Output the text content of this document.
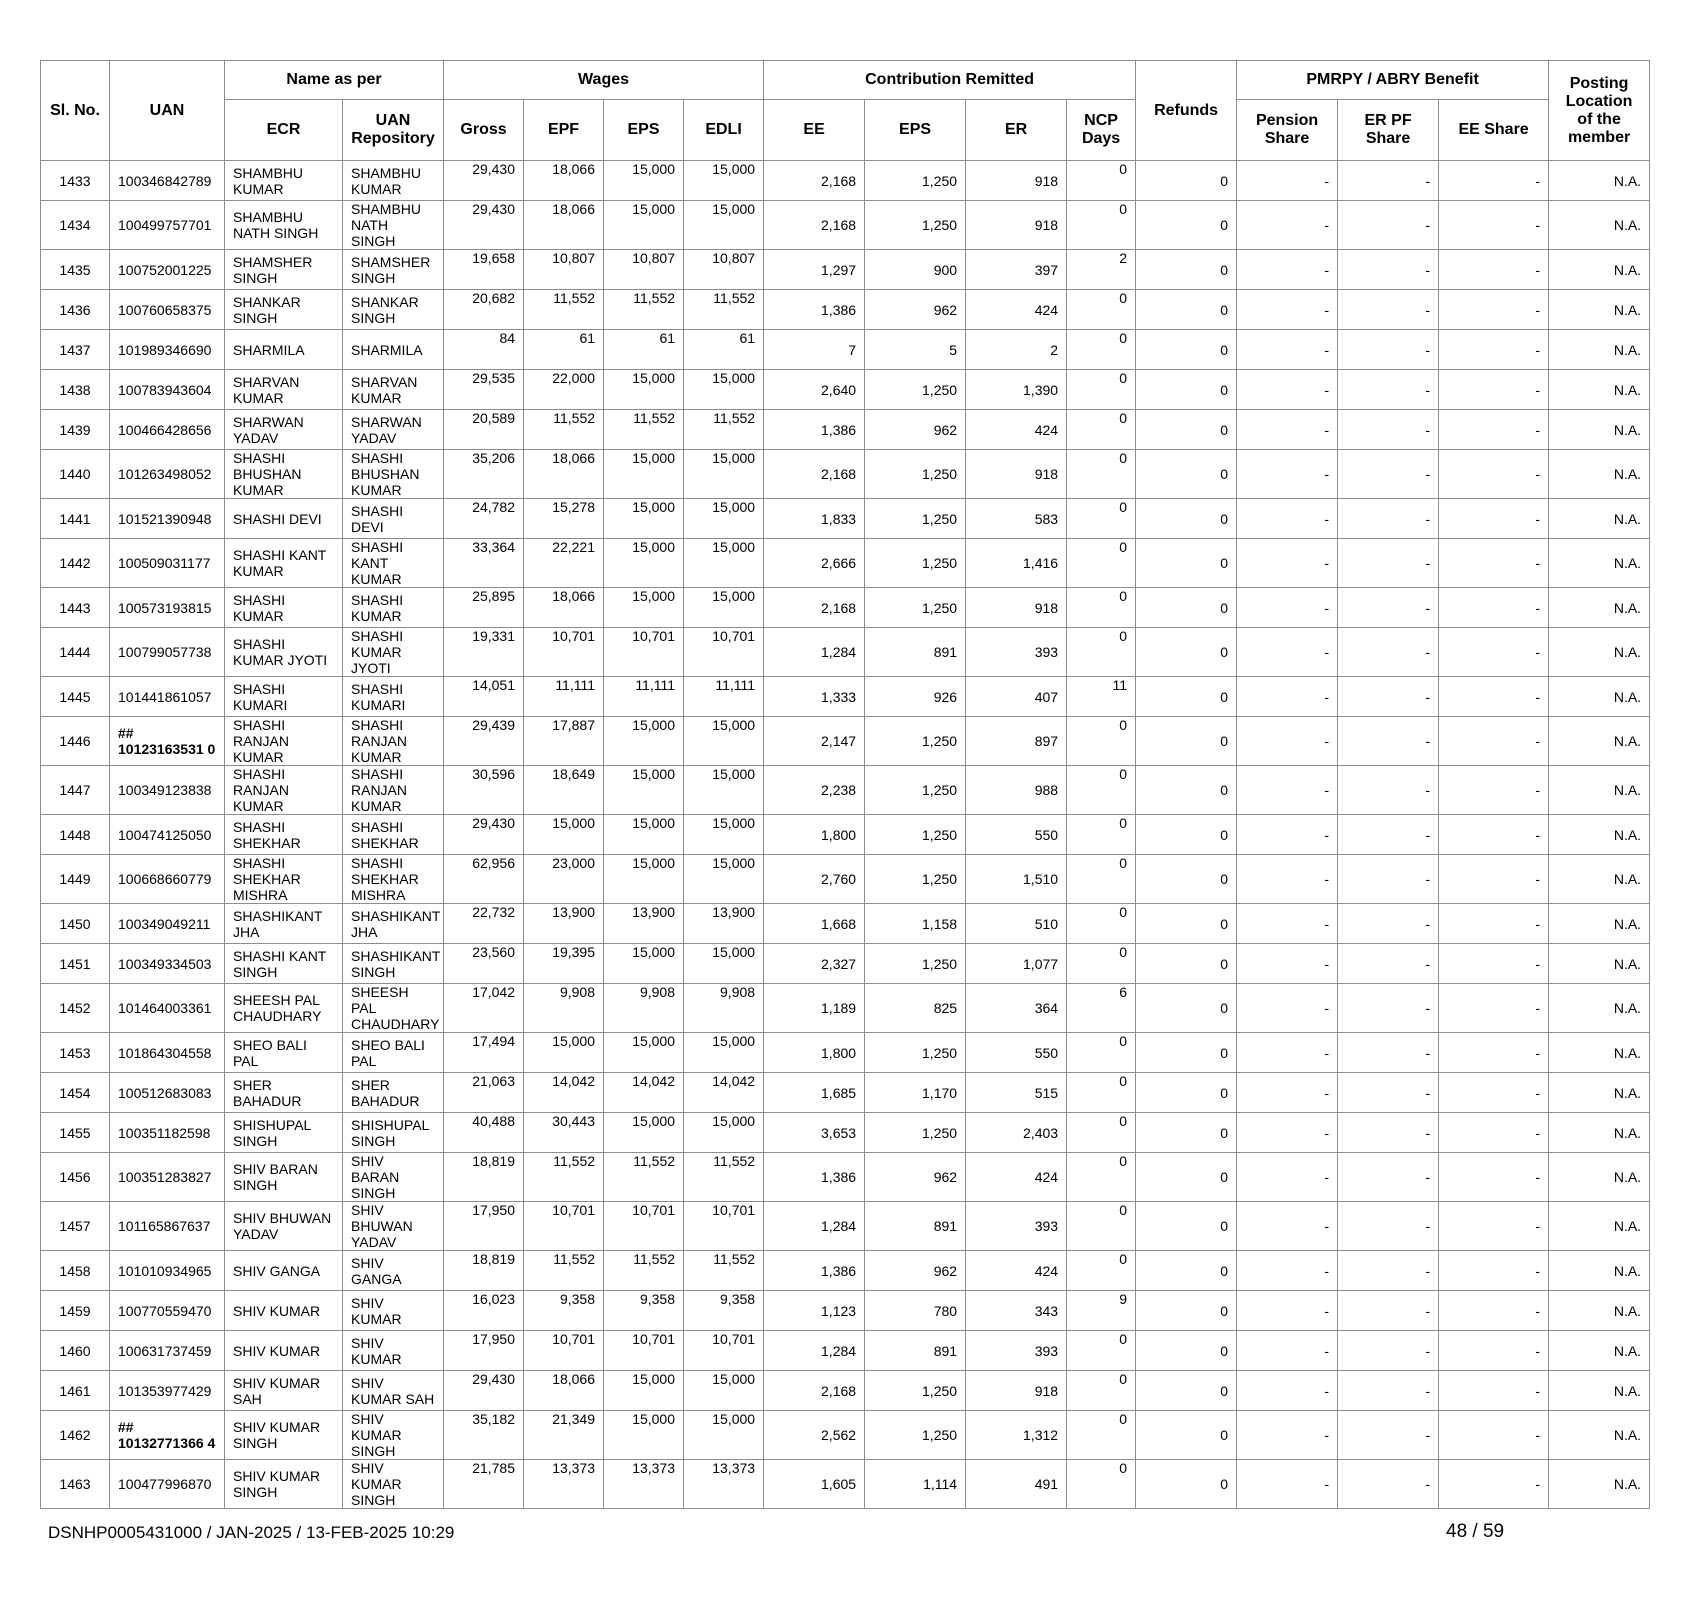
Sl. No.	UAN	Name as per		Wages				Contribution Remitted				Refunds	PMRPY / ABRY Benefit			Posting Location of the member
		ECR	UAN Repository	Gross	EPF	EPS	EDLI	EE	EPS	ER	NCP Days		Pension Share	ER PF Share	EE Share	
1433	100346842789	SHAMBHU KUMAR	SHAMBHU KUMAR	29,430	18,066	15,000	15,000	2,168	1,250	918	0	0	-	-	-	N.A.
1434	100499757701	SHAMBHU NATH SINGH	SHAMBHU NATH SINGH	29,430	18,066	15,000	15,000	2,168	1,250	918	0	0	-	-	-	N.A.
1435	100752001225	SHAMSHER SINGH	SHAMSHER SINGH	19,658	10,807	10,807	10,807	1,297	900	397	2	0	-	-	-	N.A.
1436	100760658375	SHANKAR SINGH	SHANKAR SINGH	20,682	11,552	11,552	11,552	1,386	962	424	0	0	-	-	-	N.A.
1437	101989346690	SHARMILA	SHARMILA	84	61	61	61	7	5	2	0	0	-	-	-	N.A.
1438	100783943604	SHARVAN KUMAR	SHARVAN KUMAR	29,535	22,000	15,000	15,000	2,640	1,250	1,390	0	0	-	-	-	N.A.
1439	100466428656	SHARWAN YADAV	SHARWAN YADAV	20,589	11,552	11,552	11,552	1,386	962	424	0	0	-	-	-	N.A.
1440	101263498052	SHASHI BHUSHAN KUMAR	SHASHI BHUSHAN KUMAR	35,206	18,066	15,000	15,000	2,168	1,250	918	0	0	-	-	-	N.A.
1441	101521390948	SHASHI DEVI	SHASHI DEVI	24,782	15,278	15,000	15,000	1,833	1,250	583	0	0	-	-	-	N.A.
1442	100509031177	SHASHI KANT KUMAR	SHASHI KANT KUMAR	33,364	22,221	15,000	15,000	2,666	1,250	1,416	0	0	-	-	-	N.A.
1443	100573193815	SHASHI KUMAR	SHASHI KUMAR	25,895	18,066	15,000	15,000	2,168	1,250	918	0	0	-	-	-	N.A.
1444	100799057738	SHASHI KUMAR JYOTI	SHASHI KUMAR JYOTI	19,331	10,701	10,701	10,701	1,284	891	393	0	0	-	-	-	N.A.
1445	101441861057	SHASHI KUMARI	SHASHI KUMARI	14,051	11,111	11,111	11,111	1,333	926	407	11	0	-	-	-	N.A.
1446	## 10123163531 0	SHASHI RANJAN KUMAR	SHASHI RANJAN KUMAR	29,439	17,887	15,000	15,000	2,147	1,250	897	0	0	-	-	-	N.A.
1447	100349123838	SHASHI RANJAN KUMAR	SHASHI RANJAN KUMAR	30,596	18,649	15,000	15,000	2,238	1,250	988	0	0	-	-	-	N.A.
1448	100474125050	SHASHI SHEKHAR	SHASHI SHEKHAR	29,430	15,000	15,000	15,000	1,800	1,250	550	0	0	-	-	-	N.A.
1449	100668660779	SHASHI SHEKHAR MISHRA	SHASHI SHEKHAR MISHRA	62,956	23,000	15,000	15,000	2,760	1,250	1,510	0	0	-	-	-	N.A.
1450	100349049211	SHASHIKANT JHA	SHASHIKANT JHA	22,732	13,900	13,900	13,900	1,668	1,158	510	0	0	-	-	-	N.A.
1451	100349334503	SHASHI KANT SINGH	SHASHIKANT SINGH	23,560	19,395	15,000	15,000	2,327	1,250	1,077	0	0	-	-	-	N.A.
1452	101464003361	SHEESH PAL CHAUDHARY	SHEESH PAL CHAUDHARY	17,042	9,908	9,908	9,908	1,189	825	364	6	0	-	-	-	N.A.
1453	101864304558	SHEO BALI PAL	SHEO BALI PAL	17,494	15,000	15,000	15,000	1,800	1,250	550	0	0	-	-	-	N.A.
1454	100512683083	SHER BAHADUR	SHER BAHADUR	21,063	14,042	14,042	14,042	1,685	1,170	515	0	0	-	-	-	N.A.
1455	100351182598	SHISHUPAL SINGH	SHISHUPAL SINGH	40,488	30,443	15,000	15,000	3,653	1,250	2,403	0	0	-	-	-	N.A.
1456	100351283827	SHIV BARAN SINGH	SHIV BARAN SINGH	18,819	11,552	11,552	11,552	1,386	962	424	0	0	-	-	-	N.A.
1457	101165867637	SHIV BHUWAN YADAV	SHIV BHUWAN YADAV	17,950	10,701	10,701	10,701	1,284	891	393	0	0	-	-	-	N.A.
1458	101010934965	SHIV GANGA	SHIV GANGA	18,819	11,552	11,552	11,552	1,386	962	424	0	0	-	-	-	N.A.
1459	100770559470	SHIV KUMAR	SHIV KUMAR	16,023	9,358	9,358	9,358	1,123	780	343	9	0	-	-	-	N.A.
1460	100631737459	SHIV KUMAR	SHIV KUMAR	17,950	10,701	10,701	10,701	1,284	891	393	0	0	-	-	-	N.A.
1461	101353977429	SHIV KUMAR SAH	SHIV KUMAR SAH	29,430	18,066	15,000	15,000	2,168	1,250	918	0	0	-	-	-	N.A.
1462	## 10132771366 4	SHIV KUMAR SINGH	SHIV KUMAR SINGH	35,182	21,349	15,000	15,000	2,562	1,250	1,312	0	0	-	-	-	N.A.
1463	100477996870	SHIV KUMAR SINGH	SHIV KUMAR SINGH	21,785	13,373	13,373	13,373	1,605	1,114	491	0	0	-	-	-	N.A.
DSNHP0005431000 / JAN-2025 / 13-FEB-2025 10:29	48 / 59
